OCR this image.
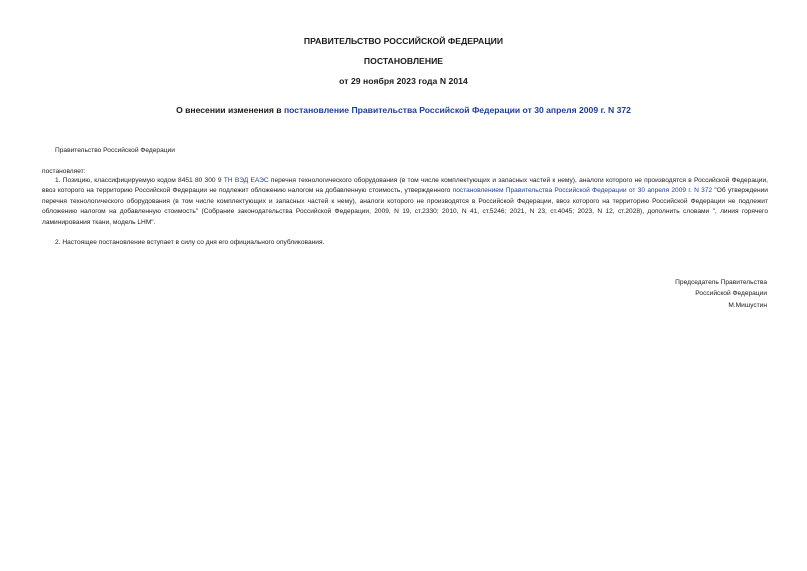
ПРАВИТЕЛЬСТВО РОССИЙСКОЙ ФЕДЕРАЦИИ
ПОСТАНОВЛЕНИЕ
от 29 ноября 2023 года N 2014
О внесении изменения в постановление Правительства Российской Федерации от 30 апреля 2009 г. N 372
Правительство Российской Федерации
постановляет:

1. Позицию, классифицируемую кодом 8451 80 300 9 ТН ВЭД ЕАЭС перечня технологического оборудования (в том числе комплектующих и запасных частей к нему), аналоги которого не производятся в Российской Федерации, ввоз которого на территорию Российской Федерации не подлежит обложению налогом на добавленную стоимость, утвержденного постановлением Правительства Российской Федерации от 30 апреля 2009 г. N 372 "Об утверждении перечня технологического оборудования (в том числе комплектующих и запасных частей к нему), аналоги которого не производятся в Российской Федерации, ввоз которого на территорию Российской Федерации не подлежит обложению налогом на добавленную стоимость" (Собрание законодательства Российской Федерации, 2009, N 19, ст.2330; 2010, N 41, ст.5246; 2021, N 23, ст.4045; 2023, N 12, ст.2028), дополнить словами ", линия горячего ламинирования ткани, модель LHM".

2. Настоящее постановление вступает в силу со дня его официального опубликования.
Председатель Правительства
Российской Федерации
М.Мишустин
